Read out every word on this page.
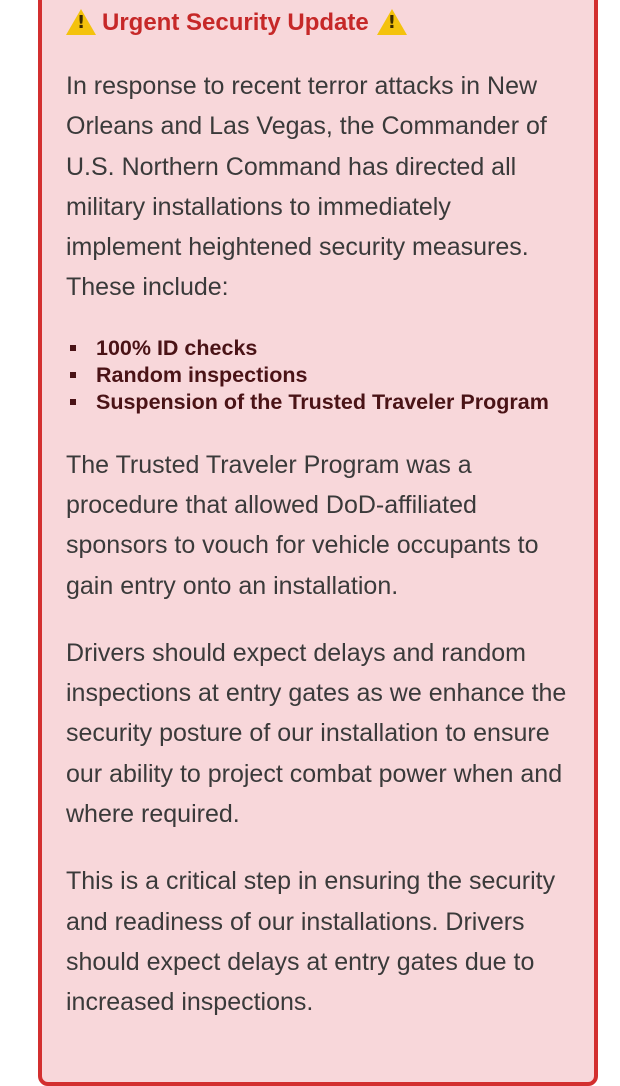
!
Urgent Security Update
!

In response to recent terror attacks in New Orleans and Las Vegas, the Commander of U.S. Northern Command has directed all military installations to immediately implement heightened security measures. These include:

100% ID checks
Random inspections
Suspension of the Trusted Traveler Program

The Trusted Traveler Program was a procedure that allowed DoD-affiliated sponsors to vouch for vehicle occupants to gain entry onto an installation.

Drivers should expect delays and random inspections at entry gates as we enhance the security posture of our installation to ensure our ability to project combat power when and where required.

This is a critical step in ensuring the security and readiness of our installations. Drivers should expect delays at entry gates due to increased inspections.
